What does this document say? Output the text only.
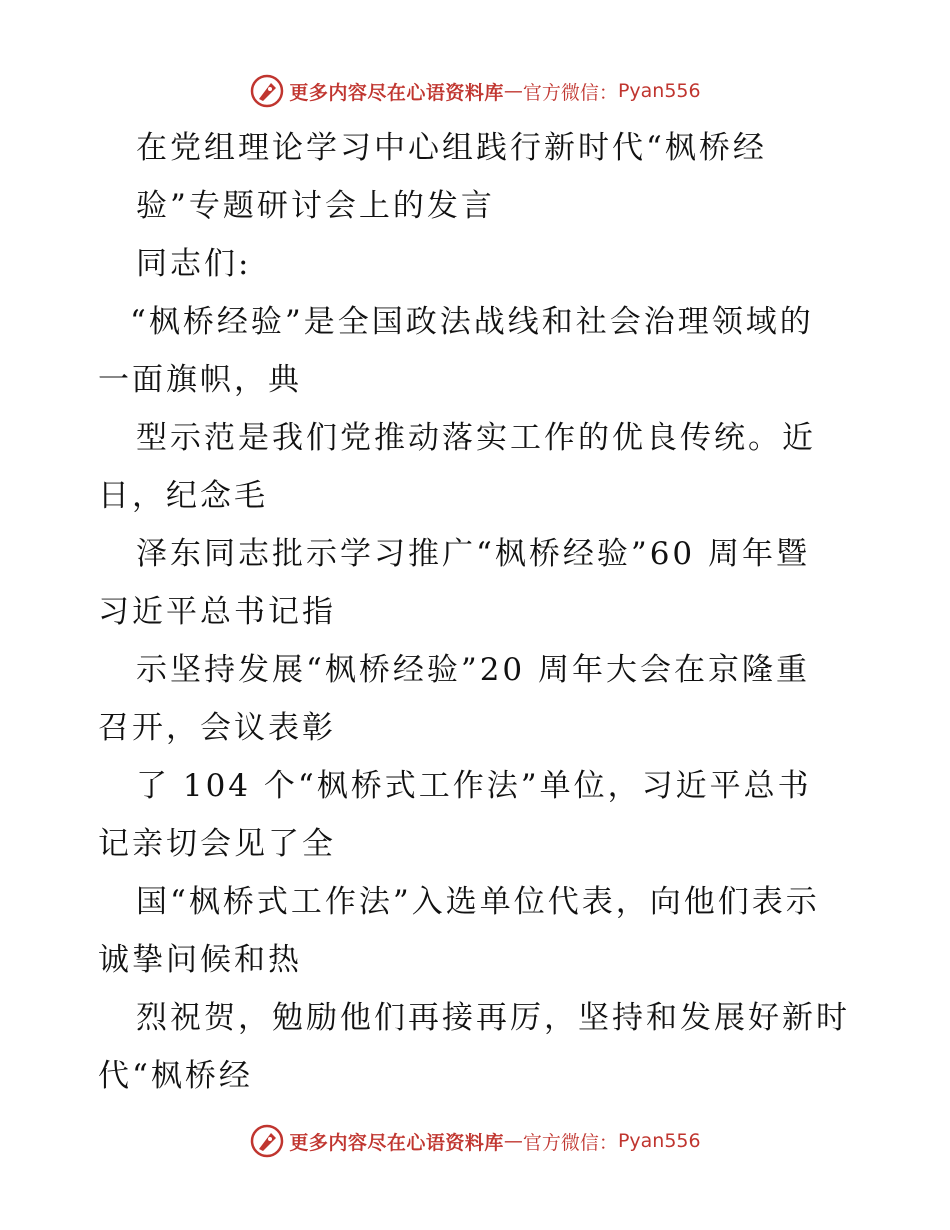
更多内容尽在心语资料库 — 官方微信： Pyan556
在党组理论学习中心组践行新时代“枫桥经
验”专题研讨会上的发言
同志们:
“枫桥经验”是全国政法战线和社会治理领域的
一面旗帜，典
型示范是我们党推动落实工作的优良传统。近
日，纪念毛
泽东同志批示学习推广“枫桥经验”60 周年暨
习近平总书记指
示坚持发展“枫桥经验”20 周年大会在京隆重
召开，会议表彰
了 104 个“枫桥式工作法”单位，习近平总书
记亲切会见了全
国“枫桥式工作法”入选单位代表，向他们表示
诚挚问候和热
烈祝贺，勉励他们再接再厉，坚持和发展好新时
代“枫桥经
更多内容尽在心语资料库 — 官方微信： Pyan556
